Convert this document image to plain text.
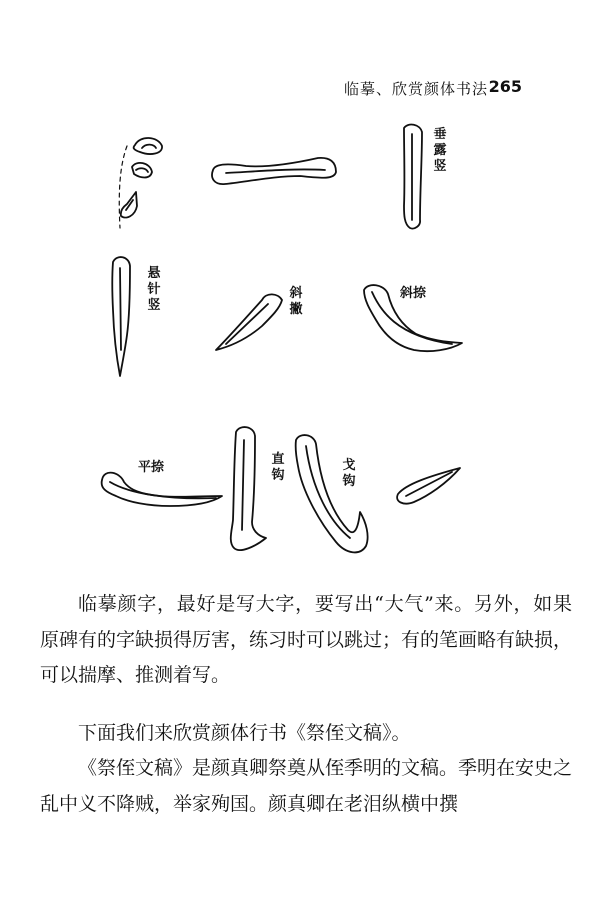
临摹、欣赏颜体书法 265
垂露竖
悬针竖
斜撇
斜捺
平捺
直钩
戈钩

临摹颜字，最好是写大字，要写出“大气”来。另外，如果原碑有的字缺损得厉害，练习时可以跳过；有的笔画略有缺损，可以揣摩、推测着写。

下面我们来欣赏颜体行书《祭侄文稿》。

《祭侄文稿》是颜真卿祭奠从侄季明的文稿。季明在安史之乱中义不降贼，举家殉国。颜真卿在老泪纵横中撰
